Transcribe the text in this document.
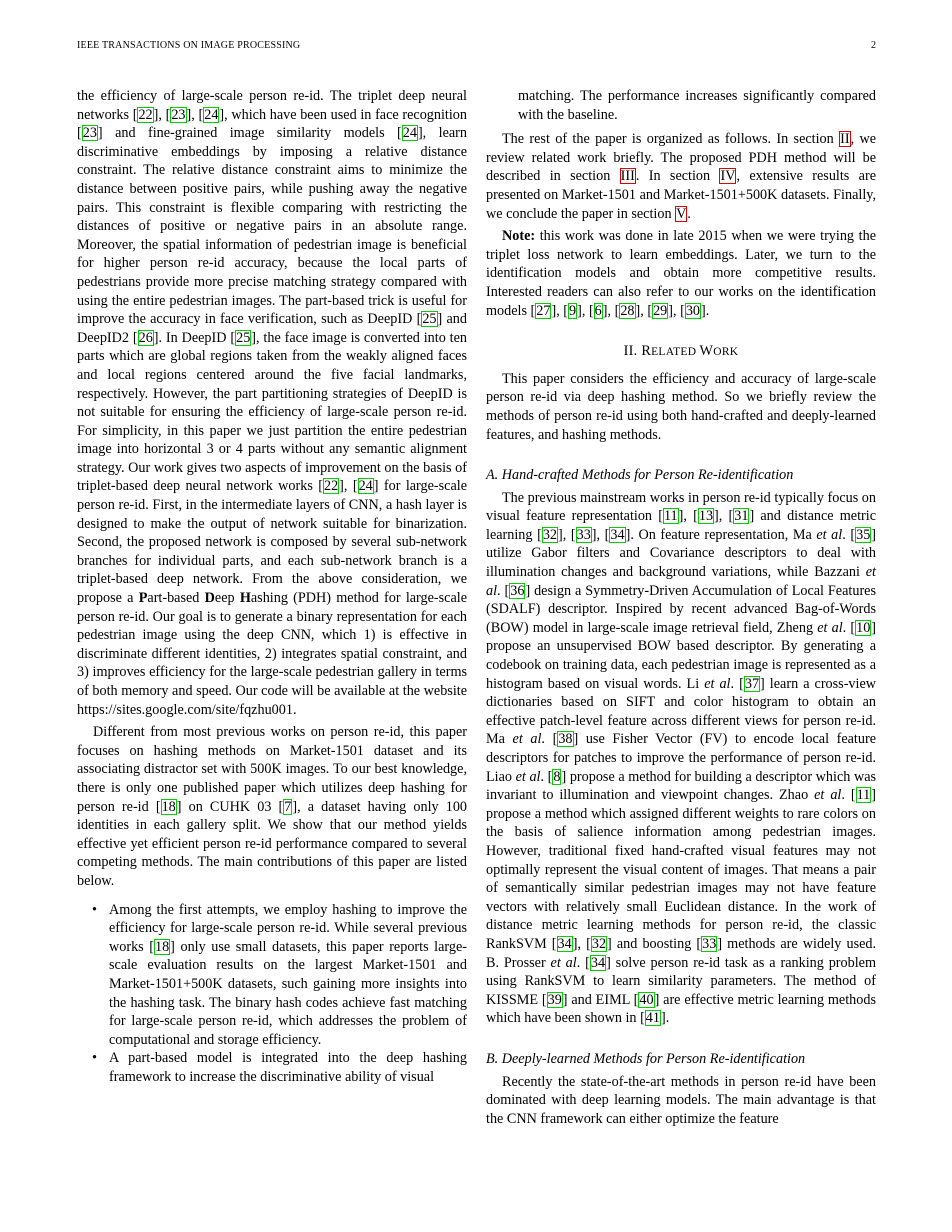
IEEE TRANSACTIONS ON IMAGE PROCESSING	2

the efficiency of large-scale person re-id. The triplet deep neural networks [22], [23], [24], which have been used in face recognition [23] and fine-grained image similarity models [24], learn discriminative embeddings by imposing a relative distance constraint. The relative distance constraint aims to minimize the distance between positive pairs, while pushing away the negative pairs. This constraint is flexible comparing with restricting the distances of positive or negative pairs in an absolute range. Moreover, the spatial information of pedestrian image is beneficial for higher person re-id accuracy, because the local parts of pedestrians provide more precise matching strategy compared with using the entire pedestrian images. The part-based trick is useful for improve the accuracy in face verification, such as DeepID [25] and DeepID2 [26]. In DeepID [25], the face image is converted into ten parts which are global regions taken from the weakly aligned faces and local regions centered around the five facial landmarks, respectively. However, the part partitioning strategies of DeepID is not suitable for ensuring the efficiency of large-scale person re-id. For simplicity, in this paper we just partition the entire pedestrian image into horizontal 3 or 4 parts without any semantic alignment strategy. Our work gives two aspects of improvement on the basis of triplet-based deep neural network works [22], [24] for large-scale person re-id. First, in the intermediate layers of CNN, a hash layer is designed to make the output of network suitable for binarization. Second, the proposed network is composed by several sub-network branches for individual parts, and each sub-network branch is a triplet-based deep network. From the above consideration, we propose a Part-based Deep Hashing (PDH) method for large-scale person re-id. Our goal is to generate a binary representation for each pedestrian image using the deep CNN, which 1) is effective in discriminate different identities, 2) integrates spatial constraint, and 3) improves efficiency for the large-scale pedestrian gallery in terms of both memory and speed. Our code will be available at the website https://sites.google.com/site/fqzhu001.

Different from most previous works on person re-id, this paper focuses on hashing methods on Market-1501 dataset and its associating distractor set with 500K images. To our best knowledge, there is only one published paper which utilizes deep hashing for person re-id [18] on CUHK 03 [7], a dataset having only 100 identities in each gallery split. We show that our method yields effective yet efficient person re-id performance compared to several competing methods. The main contributions of this paper are listed below.

• Among the first attempts, we employ hashing to improve the efficiency for large-scale person re-id. While several previous works [18] only use small datasets, this paper reports large-scale evaluation results on the largest Market-1501 and Market-1501+500K datasets, such gaining more insights into the hashing task. The binary hash codes achieve fast matching for large-scale person re-id, which addresses the problem of computational and storage efficiency.
• A part-based model is integrated into the deep hashing framework to increase the discriminative ability of visual

matching. The performance increases significantly compared with the baseline.

The rest of the paper is organized as follows. In section II, we review related work briefly. The proposed PDH method will be described in section III. In section IV, extensive results are presented on Market-1501 and Market-1501+500K datasets. Finally, we conclude the paper in section V.

Note: this work was done in late 2015 when we were trying the triplet loss network to learn embeddings. Later, we turn to the identification models and obtain more competitive results. Interested readers can also refer to our works on the identification models [27], [9], [6], [28], [29], [30].

II. RELATED WORK

This paper considers the efficiency and accuracy of large-scale person re-id via deep hashing method. So we briefly review the methods of person re-id using both hand-crafted and deeply-learned features, and hashing methods.

A. Hand-crafted Methods for Person Re-identification

The previous mainstream works in person re-id typically focus on visual feature representation [11], [13], [31] and distance metric learning [32], [33], [34]. On feature representation, Ma et al. [35] utilize Gabor filters and Covariance descriptors to deal with illumination changes and background variations, while Bazzani et al. [36] design a Symmetry-Driven Accumulation of Local Features (SDALF) descriptor. Inspired by recent advanced Bag-of-Words (BOW) model in large-scale image retrieval field, Zheng et al. [10] propose an unsupervised BOW based descriptor. By generating a codebook on training data, each pedestrian image is represented as a histogram based on visual words. Li et al. [37] learn a cross-view dictionaries based on SIFT and color histogram to obtain an effective patch-level feature across different views for person re-id. Ma et al. [38] use Fisher Vector (FV) to encode local feature descriptors for patches to improve the performance of person re-id. Liao et al. [8] propose a method for building a descriptor which was invariant to illumination and viewpoint changes. Zhao et al. [11] propose a method which assigned different weights to rare colors on the basis of salience information among pedestrian images. However, traditional fixed hand-crafted visual features may not optimally represent the visual content of images. That means a pair of semantically similar pedestrian images may not have feature vectors with relatively small Euclidean distance. In the work of distance metric learning methods for person re-id, the classic RankSVM [34], [32] and boosting [33] methods are widely used. B. Prosser et al. [34] solve person re-id task as a ranking problem using RankSVM to learn similarity parameters. The method of KISSME [39] and EIML [40] are effective metric learning methods which have been shown in [41].

B. Deeply-learned Methods for Person Re-identification

Recently the state-of-the-art methods in person re-id have been dominated with deep learning models. The main advantage is that the CNN framework can either optimize the feature
